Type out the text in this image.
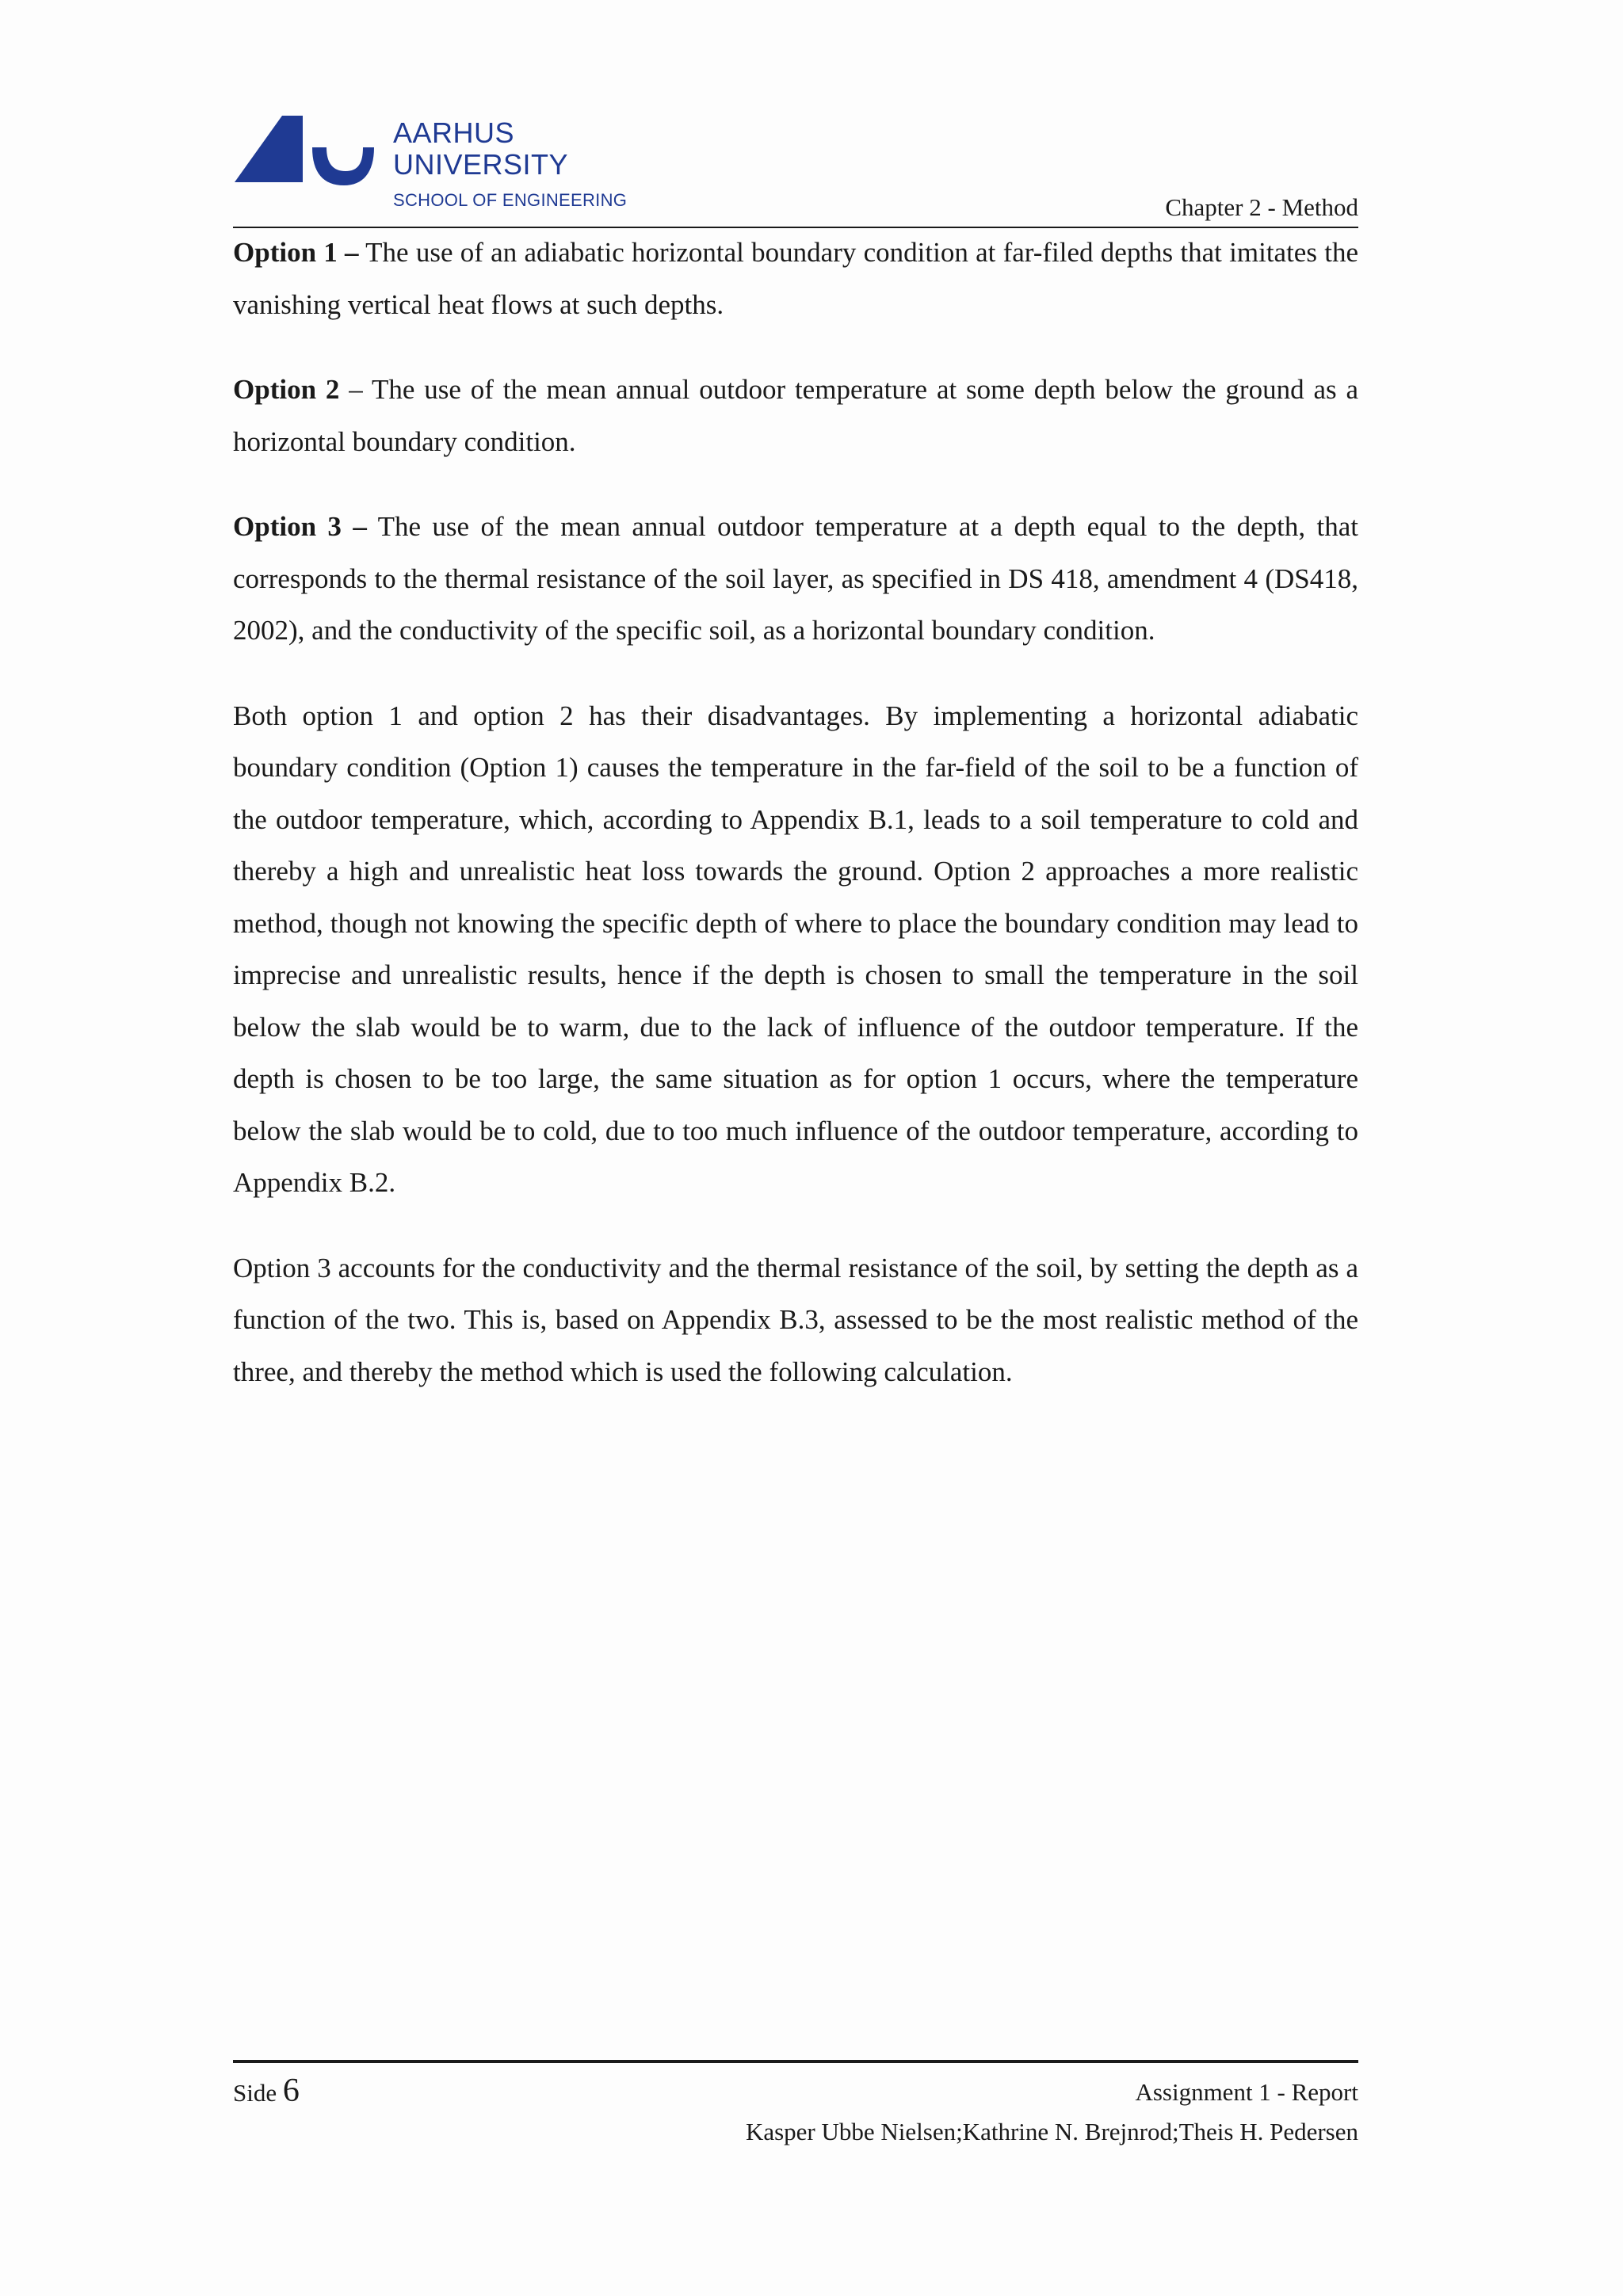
AARHUS
UNIVERSITY
SCHOOL OF ENGINEERING	Chapter 2 - Method

Option 1 – The use of an adiabatic horizontal boundary condition at far-filed depths that imitates the vanishing vertical heat flows at such depths.

Option 2 – The use of the mean annual outdoor temperature at some depth below the ground as a horizontal boundary condition.

Option 3 – The use of the mean annual outdoor temperature at a depth equal to the depth, that corresponds to the thermal resistance of the soil layer, as specified in DS 418, amendment 4 (DS418, 2002), and the conductivity of the specific soil, as a horizontal boundary condition.

Both option 1 and option 2 has their disadvantages. By implementing a horizontal adiabatic boundary condition (Option 1) causes the temperature in the far-field of the soil to be a function of the outdoor temperature, which, according to Appendix B.1, leads to a soil temperature to cold and thereby a high and unrealistic heat loss towards the ground. Option 2 approaches a more realistic method, though not knowing the specific depth of where to place the boundary condition may lead to imprecise and unrealistic results, hence if the depth is chosen to small the temperature in the soil below the slab would be to warm, due to the lack of influence of the outdoor temperature. If the depth is chosen to be too large, the same situation as for option 1 occurs, where the temperature below the slab would be to cold, due to too much influence of the outdoor temperature, according to Appendix B.2.

Option 3 accounts for the conductivity and the thermal resistance of the soil, by setting the depth as a function of the two. This is, based on Appendix B.3, assessed to be the most realistic method of the three, and thereby the method which is used the following calculation.

Side 6	Assignment 1 - Report
Kasper Ubbe Nielsen;Kathrine N. Brejnrod;Theis H. Pedersen
